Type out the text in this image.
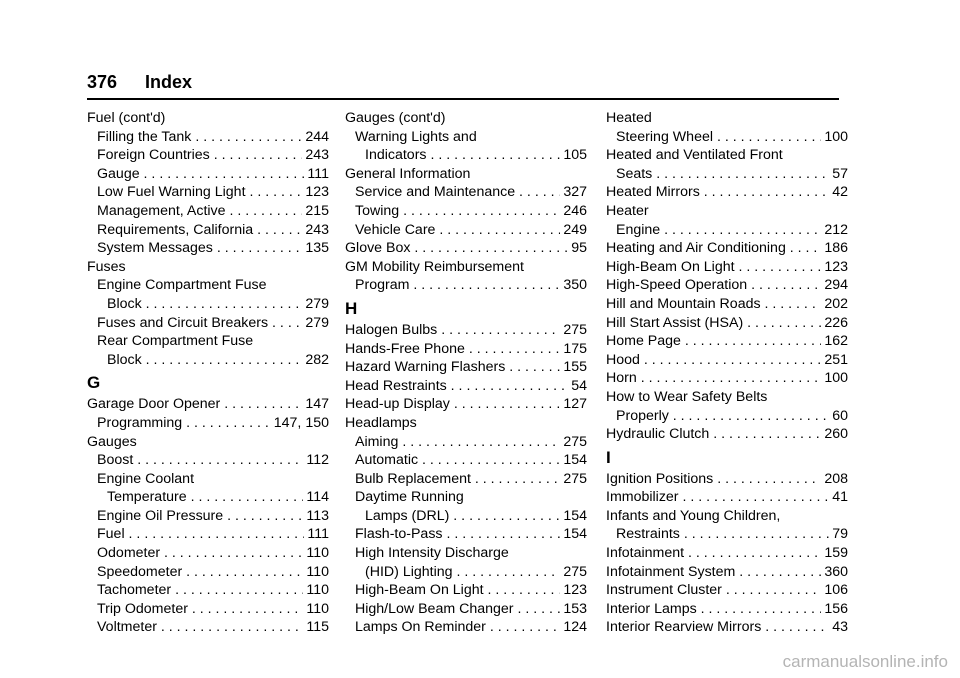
376 Index
Fuel (cont'd)
Filling the Tank . . .	244
Foreign Countries . . .	243
Gauge . . .	111
Low Fuel Warning Light . . .	123
Management, Active . . .	215
Requirements, California . . .	243
System Messages . . .	135
Fuses
Engine Compartment Fuse
Block . . .	279
Fuses and Circuit Breakers . . .	279
Rear Compartment Fuse
Block . . .	282
G
Garage Door Opener . . .	147
Programming . . .	147, 150
Gauges
Boost . . .	112
Engine Coolant
Temperature . . .	114
Engine Oil Pressure . . .	113
Fuel . . .	111
Odometer . . .	110
Speedometer . . .	110
Tachometer . . .	110
Trip Odometer . . .	110
Voltmeter . . .	115
Gauges (cont'd)
Warning Lights and
Indicators . . .	105
General Information
Service and Maintenance . . .	327
Towing . . .	246
Vehicle Care . . .	249
Glove Box . . .	95
GM Mobility Reimbursement
Program . . .	350
H
Halogen Bulbs . . .	275
Hands-Free Phone . . .	175
Hazard Warning Flashers . . .	155
Head Restraints . . .	54
Head-up Display . . .	127
Headlamps
Aiming . . .	275
Automatic . . .	154
Bulb Replacement . . .	275
Daytime Running
Lamps (DRL) . . .	154
Flash-to-Pass . . .	154
High Intensity Discharge
(HID) Lighting . . .	275
High-Beam On Light . . .	123
High/Low Beam Changer . . .	153
Lamps On Reminder . . .	124
Heated
Steering Wheel . . .	100
Heated and Ventilated Front
Seats . . .	57
Heated Mirrors . . .	42
Heater
Engine . . .	212
Heating and Air Conditioning . . .	186
High-Beam On Light . . .	123
High-Speed Operation . . .	294
Hill and Mountain Roads . . .	202
Hill Start Assist (HSA) . . .	226
Home Page . . .	162
Hood . . .	251
Horn . . .	100
How to Wear Safety Belts
Properly . . .	60
Hydraulic Clutch . . .	260
I
Ignition Positions . . .	208
Immobilizer . . .	41
Infants and Young Children,
Restraints . . .	79
Infotainment . . .	159
Infotainment System . . .	360
Instrument Cluster . . .	106
Interior Lamps . . .	156
Interior Rearview Mirrors . . .	43
carmanualsonline.info
